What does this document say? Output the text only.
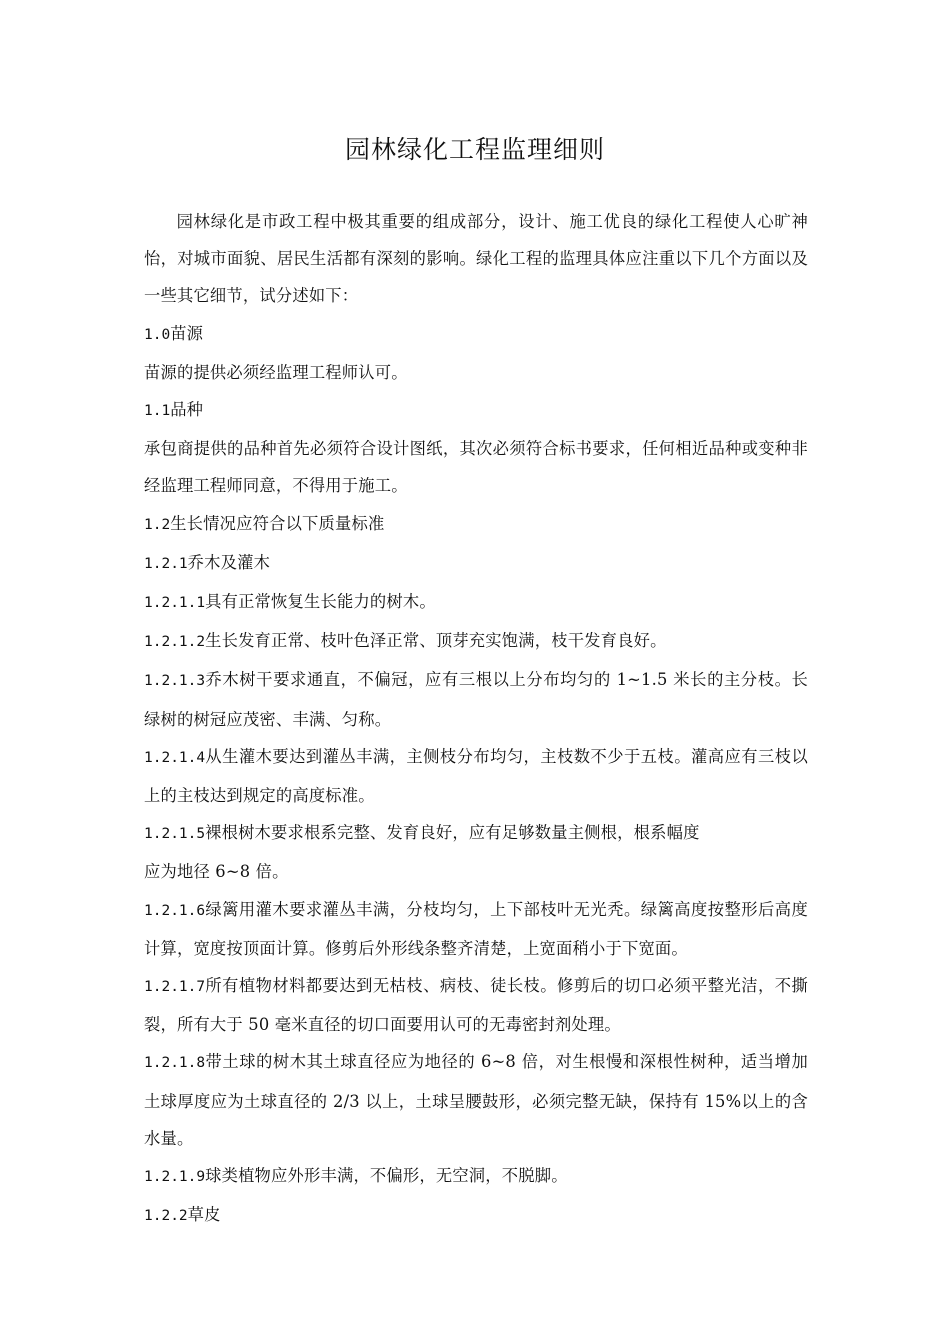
园林绿化工程监理细则

园林绿化是市政工程中极其重要的组成部分，设计、施工优良的绿化工程使人心旷神怡，对城市面貌、居民生活都有深刻的影响。绿化工程的监理具体应注重以下几个方面以及一些其它细节，试分述如下：

1.0苗源

苗源的提供必须经监理工程师认可。

1.1品种

承包商提供的品种首先必须符合设计图纸，其次必须符合标书要求，任何相近品种或变种非经监理工程师同意，不得用于施工。

1.2生长情况应符合以下质量标准

1.2.1乔木及灌木

1.2.1.1具有正常恢复生长能力的树木。

1.2.1.2生长发育正常、枝叶色泽正常、顶芽充实饱满，枝干发育良好。

1.2.1.3乔木树干要求通直，不偏冠，应有三根以上分布均匀的 1~1.5 米长的主分枝。长绿树的树冠应茂密、丰满、匀称。

1.2.1.4从生灌木要达到灌丛丰满，主侧枝分布均匀，主枝数不少于五枝。灌高应有三枝以上的主枝达到规定的高度标准。

1.2.1.5裸根树木要求根系完整、发育良好，应有足够数量主侧根，根系幅度

应为地径 6~8 倍。

1.2.1.6绿篱用灌木要求灌丛丰满，分枝均匀，上下部枝叶无光秃。绿篱高度按整形后高度计算，宽度按顶面计算。修剪后外形线条整齐清楚，上宽面稍小于下宽面。

1.2.1.7所有植物材料都要达到无枯枝、病枝、徒长枝。修剪后的切口必须平整光洁，不撕裂，所有大于 50 毫米直径的切口面要用认可的无毒密封剂处理。

1.2.1.8带土球的树木其土球直径应为地径的 6~8 倍，对生根慢和深根性树种，适当增加土球厚度应为土球直径的 2/3 以上，土球呈腰鼓形，必须完整无缺，保持有 15%以上的含水量。

1.2.1.9球类植物应外形丰满，不偏形，无空洞，不脱脚。

1.2.2草皮
